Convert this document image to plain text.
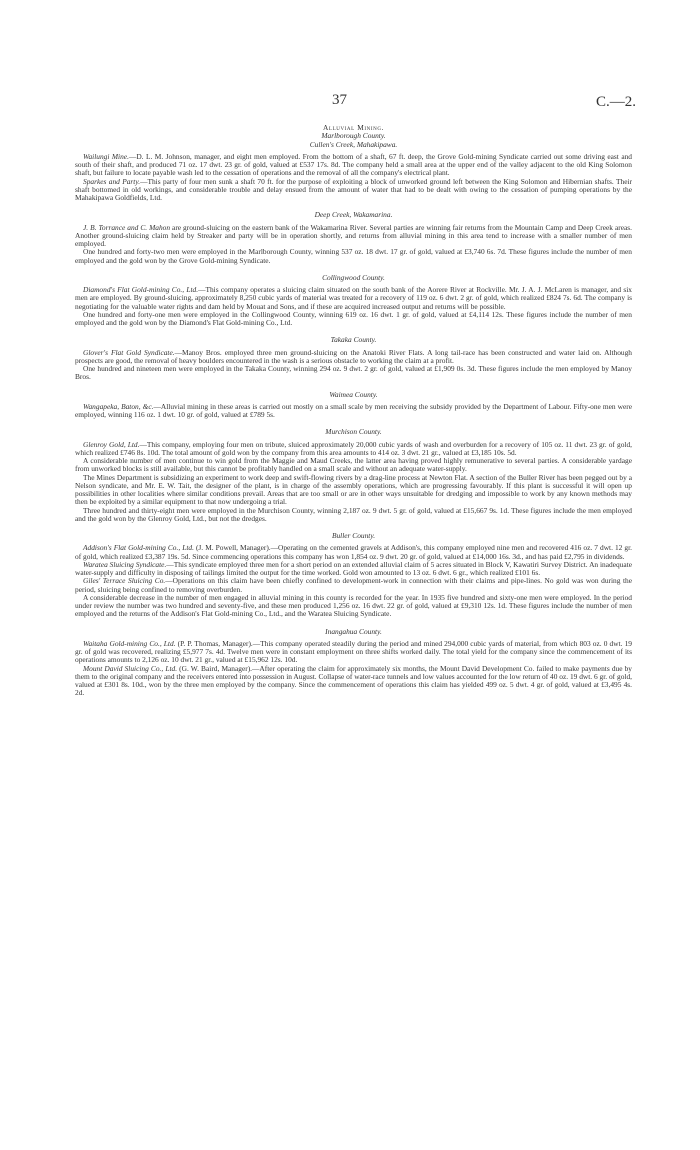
37	C.—2.
Alluvial Mining.
Marlborough County.
Cullen's Creek, Mahakipawa.

Wailungi Mine.—D. L. M. Johnson, manager, and eight men employed. From the bottom of a shaft, 67 ft. deep, the Grove Gold-mining Syndicate carried out some driving east and south of their shaft, and produced 71 oz. 17 dwt. 23 gr. of gold, valued at £537 17s. 8d. The company held a small area at the upper end of the valley adjacent to the old King Solomon shaft, but failure to locate payable wash led to the cessation of operations and the removal of all the company's electrical plant.

Sparkes and Party.—This party of four men sunk a shaft 70 ft. for the purpose of exploiting a block of unworked ground left between the King Solomon and Hibernian shafts. Their shaft bottomed in old workings, and considerable trouble and delay ensued from the amount of water that had to be dealt with owing to the cessation of pumping operations by the Mahakipawa Goldfields, Ltd.

Deep Creek, Wakamarina.

J. B. Torrance and C. Mahon are ground-sluicing on the eastern bank of the Wakamarina River. Several parties are winning fair returns from the Mountain Camp and Deep Creek areas. Another ground-sluicing claim held by Streaker and party will be in operation shortly, and returns from alluvial mining in this area tend to increase with a smaller number of men employed.

One hundred and forty-two men were employed in the Marlborough County, winning 537 oz. 18 dwt. 17 gr. of gold, valued at £3,740 6s. 7d. These figures include the number of men employed and the gold won by the Grove Gold-mining Syndicate.

Collingwood County.

Diamond's Flat Gold-mining Co., Ltd.—This company operates a sluicing claim situated on the south bank of the Aorere River at Rockville. Mr. J. A. J. McLaren is manager, and six men are employed. By ground-sluicing, approximately 8,250 cubic yards of material was treated for a recovery of 119 oz. 6 dwt. 2 gr. of gold, which realized £824 7s. 6d. The company is negotiating for the valuable water rights and dam held by Mouat and Sons, and if these are acquired increased output and returns will be possible.

One hundred and forty-one men were employed in the Collingwood County, winning 619 oz. 16 dwt. 1 gr. of gold, valued at £4,114 12s. These figures include the number of men employed and the gold won by the Diamond's Flat Gold-mining Co., Ltd.

Takaka County.

Glover's Flat Gold Syndicate.—Manoy Bros. employed three men ground-sluicing on the Anatoki River Flats. A long tail-race has been constructed and water laid on. Although prospects are good, the removal of heavy boulders encountered in the wash is a serious obstacle to working the claim at a profit.

One hundred and nineteen men were employed in the Takaka County, winning 294 oz. 9 dwt. 2 gr. of gold, valued at £1,909 0s. 3d. These figures include the men employed by Manoy Bros.

Waimea County.

Wangapeka, Baton, &c.—Alluvial mining in these areas is carried out mostly on a small scale by men receiving the subsidy provided by the Department of Labour. Fifty-one men were employed, winning 116 oz. 1 dwt. 10 gr. of gold, valued at £789 5s.

Murchison County.

Glenroy Gold, Ltd.—This company, employing four men on tribute, sluiced approximately 20,000 cubic yards of wash and overburden for a recovery of 105 oz. 11 dwt. 23 gr. of gold, which realized £746 8s. 10d. The total amount of gold won by the company from this area amounts to 414 oz. 3 dwt. 21 gr., valued at £3,185 10s. 5d.

A considerable number of men continue to win gold from the Maggie and Maud Creeks, the latter area having proved highly remunerative to several parties. A considerable yardage from unworked blocks is still available, but this cannot be profitably handled on a small scale and without an adequate water-supply.

The Mines Department is subsidizing an experiment to work deep and swift-flowing rivers by a drag-line process at Newton Flat. A section of the Buller River has been pegged out by a Nelson syndicate, and Mr. E. W. Tait, the designer of the plant, is in charge of the assembly operations, which are progressing favourably. If this plant is successful it will open up possibilities in other localities where similar conditions prevail. Areas that are too small or are in other ways unsuitable for dredging and impossible to work by any known methods may then be exploited by a similar equipment to that now undergoing a trial.

Three hundred and thirty-eight men were employed in the Murchison County, winning 2,187 oz. 9 dwt. 5 gr. of gold, valued at £15,667 9s. 1d. These figures include the men employed and the gold won by the Glenroy Gold, Ltd., but not the dredges.

Buller County.

Addison's Flat Gold-mining Co., Ltd. (J. M. Powell, Manager).—Operating on the cemented gravels at Addison's, this company employed nine men and recovered 416 oz. 7 dwt. 12 gr. of gold, which realized £3,387 19s. 5d. Since commencing operations this company has won 1,854 oz. 9 dwt. 20 gr. of gold, valued at £14,000 16s. 3d., and has paid £2,795 in dividends.

Waratea Sluicing Syndicate.—This syndicate employed three men for a short period on an extended alluvial claim of 5 acres situated in Block V, Kawatiri Survey District. An inadequate water-supply and difficulty in disposing of tailings limited the output for the time worked. Gold won amounted to 13 oz. 6 dwt. 6 gr., which realized £101 6s.

Giles' Terrace Sluicing Co.—Operations on this claim have been chiefly confined to development-work in connection with their claims and pipe-lines. No gold was won during the period, sluicing being confined to removing overburden.

A considerable decrease in the number of men engaged in alluvial mining in this county is recorded for the year. In 1935 five hundred and sixty-one men were employed. In the period under review the number was two hundred and seventy-five, and these men produced 1,256 oz. 16 dwt. 22 gr. of gold, valued at £9,310 12s. 1d. These figures include the number of men employed and the returns of the Addison's Flat Gold-mining Co., Ltd., and the Waratea Sluicing Syndicate.

Inangahua County.

Waitaha Gold-mining Co., Ltd. (P. P. Thomas, Manager).—This company operated steadily during the period and mined 294,000 cubic yards of material, from which 803 oz. 0 dwt. 19 gr. of gold was recovered, realizing £5,977 7s. 4d. Twelve men were in constant employment on three shifts worked daily. The total yield for the company since the commencement of its operations amounts to 2,126 oz. 10 dwt. 21 gr., valued at £15,962 12s. 10d.

Mount David Sluicing Co., Ltd. (G. W. Baird, Manager).—After operating the claim for approximately six months, the Mount David Development Co. failed to make payments due by them to the original company and the receivers entered into possession in August. Collapse of water-race tunnels and low values accounted for the low return of 40 oz. 19 dwt. 6 gr. of gold, valued at £301 8s. 10d., won by the three men employed by the company. Since the commencement of operations this claim has yielded 499 oz. 5 dwt. 4 gr. of gold, valued at £3,495 4s. 2d.
